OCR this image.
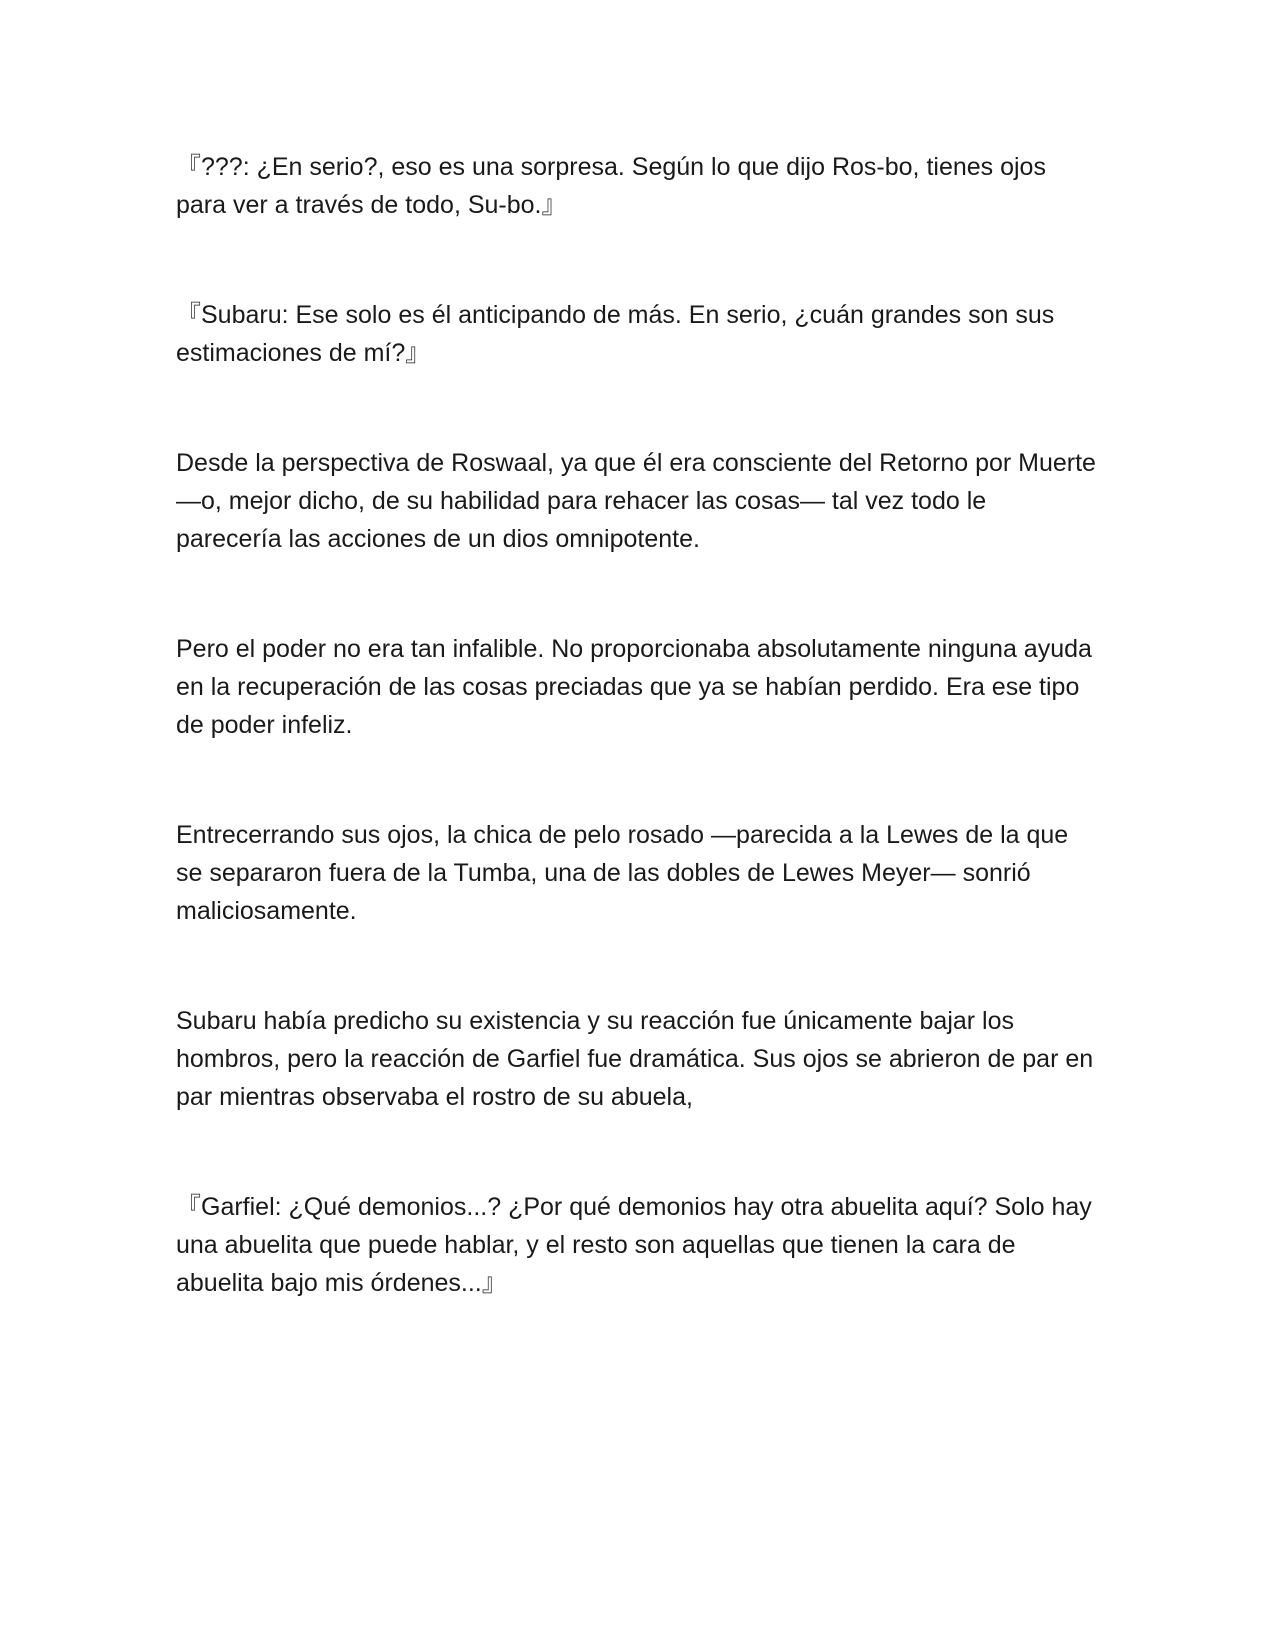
『???: ¿En serio?, eso es una sorpresa. Según lo que dijo Ros-bo, tienes ojos para ver a través de todo, Su-bo.』

『Subaru: Ese solo es él anticipando de más. En serio, ¿cuán grandes son sus estimaciones de mí?』

Desde la perspectiva de Roswaal, ya que él era consciente del Retorno por Muerte —o, mejor dicho, de su habilidad para rehacer las cosas— tal vez todo le parecería las acciones de un dios omnipotente.

Pero el poder no era tan infalible. No proporcionaba absolutamente ninguna ayuda en la recuperación de las cosas preciadas que ya se habían perdido. Era ese tipo de poder infeliz.

Entrecerrando sus ojos, la chica de pelo rosado —parecida a la Lewes de la que se separaron fuera de la Tumba, una de las dobles de Lewes Meyer— sonrió maliciosamente.

Subaru había predicho su existencia y su reacción fue únicamente bajar los hombros, pero la reacción de Garfiel fue dramática. Sus ojos se abrieron de par en par mientras observaba el rostro de su abuela,

『Garfiel: ¿Qué demonios...? ¿Por qué demonios hay otra abuelita aquí? Solo hay una abuelita que puede hablar, y el resto son aquellas que tienen la cara de abuelita bajo mis órdenes...』
